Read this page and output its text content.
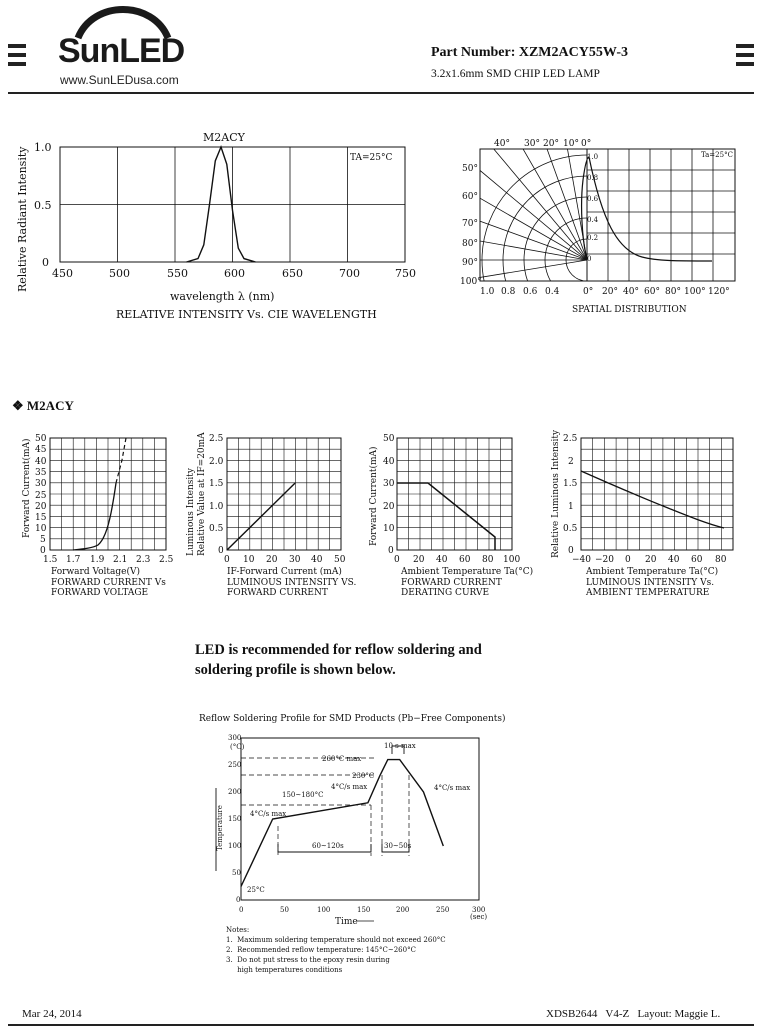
SunLED
www.SunLEDusa.com
Part Number: XZM2ACY55W-3
3.2x1.6mm SMD CHIP LED LAMP
M2ACY
TA=25°C
1.0
0.5
0
450	500	550	600	650	700	750
wavelength λ (nm)
RELATIVE INTENSITY Vs. CIE WAVELENGTH
Relative Radiant Intensity	Ta=25°C
40° 30° 20° 10° 0°
50°
60°
70°
80°
90°
100°
1.0
0.8
0.6
0.4
0.2
0
1.0 0.8 0.6 0.4	0° 20° 40° 60° 80° 100° 120°
SPATIAL DISTRIBUTION
❖ M2ACY
50
40
30
20
10
0
35
25
15
5
45
1.5 1.7 1.9 2.1 2.3 2.5
Forward Voltage(V)
FORWARD CURRENT Vs
FORWARD VOLTAGE
Forward Current(mA)	2.5
2.0
1.5
1.0
0.5
0
0 10 20 30 40 50
IF-Forward Current (mA)
LUMINOUS INTENSITY VS.
FORWARD CURRENT
Luminous Intensity Relative Value at IF=20mA	50
40
30
20
10
0
0 20 40 60 80 100
Ambient Temperature Ta(°C)
FORWARD CURRENT
DERATING CURVE
Forward Current(mA)
2.5
2
1.5
1
0.5
0
−40 −20 0 20 40 60 80
Ambient Temperature Ta(°C)
LUMINOUS INTENSITY Vs.
AMBIENT TEMPERATURE
Relative Luminous Intensity
LED is recommended for reflow soldering and
soldering profile is shown below.
Reflow Soldering Profile for SMD Products (Pb−Free Components)
300
250
200
150
100
50
0
0	50	100	150	200	250	300
(°C)
(sec)
Time
Temperature
10 s max
260°C max
230°C
150~180°C
4°C/s max
4°C/s max
4°C/s max
25°C
60~120s	30~50s
Notes:
1.  Maximum soldering temperature should not exceed 260°C
2.  Recommended reflow temperature: 145°C~260°C
3.  Do not put stress to the epoxy resin during
high temperatures conditions
Mar 24, 2014	XDSB2644 V4-Z Layout: Maggie L.
